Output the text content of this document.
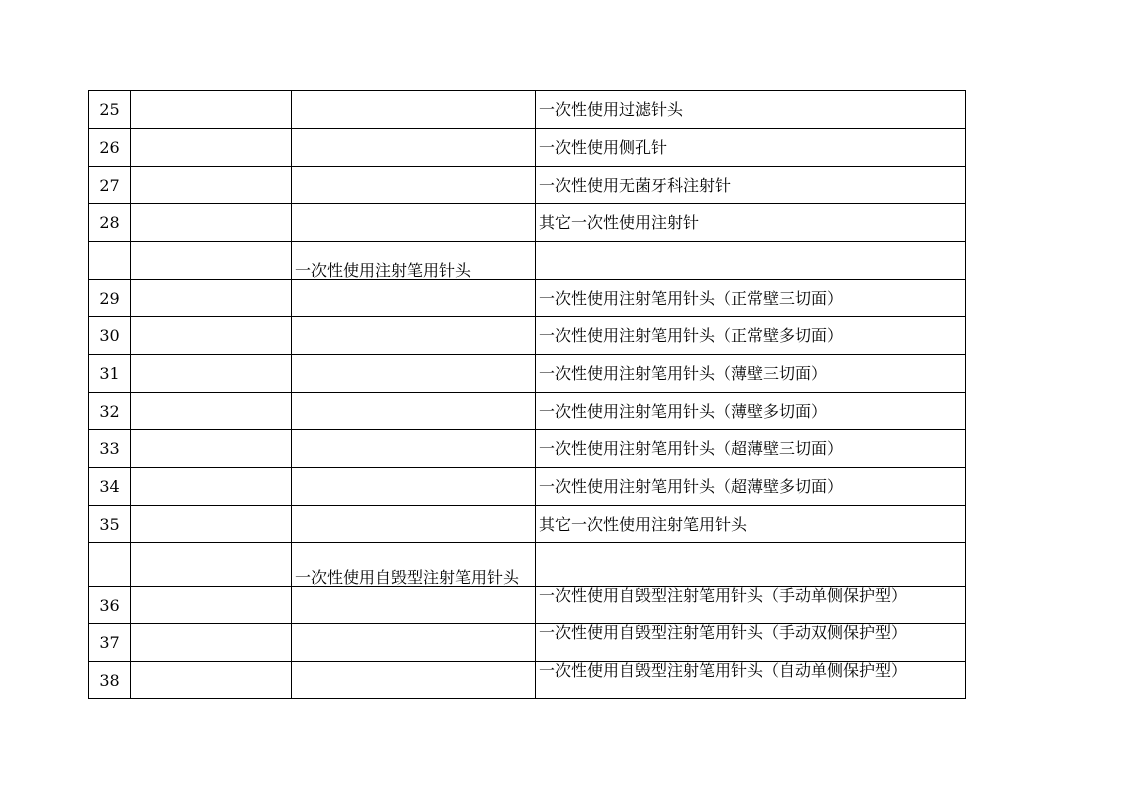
25			一次性使用过滤针头
26			一次性使用侧孔针
27			一次性使用无菌牙科注射针
28			其它一次性使用注射针
		一次性使用注射笔用针头	
29			一次性使用注射笔用针头（正常壁三切面）
30			一次性使用注射笔用针头（正常壁多切面）
31			一次性使用注射笔用针头（薄壁三切面）
32			一次性使用注射笔用针头（薄壁多切面）
33			一次性使用注射笔用针头（超薄壁三切面）
34			一次性使用注射笔用针头（超薄壁多切面）
35			其它一次性使用注射笔用针头
		一次性使用自毁型注射笔用针头	
36			一次性使用自毁型注射笔用针头（手动单侧保护型）
37			一次性使用自毁型注射笔用针头（手动双侧保护型）
38			一次性使用自毁型注射笔用针头（自动单侧保护型）
